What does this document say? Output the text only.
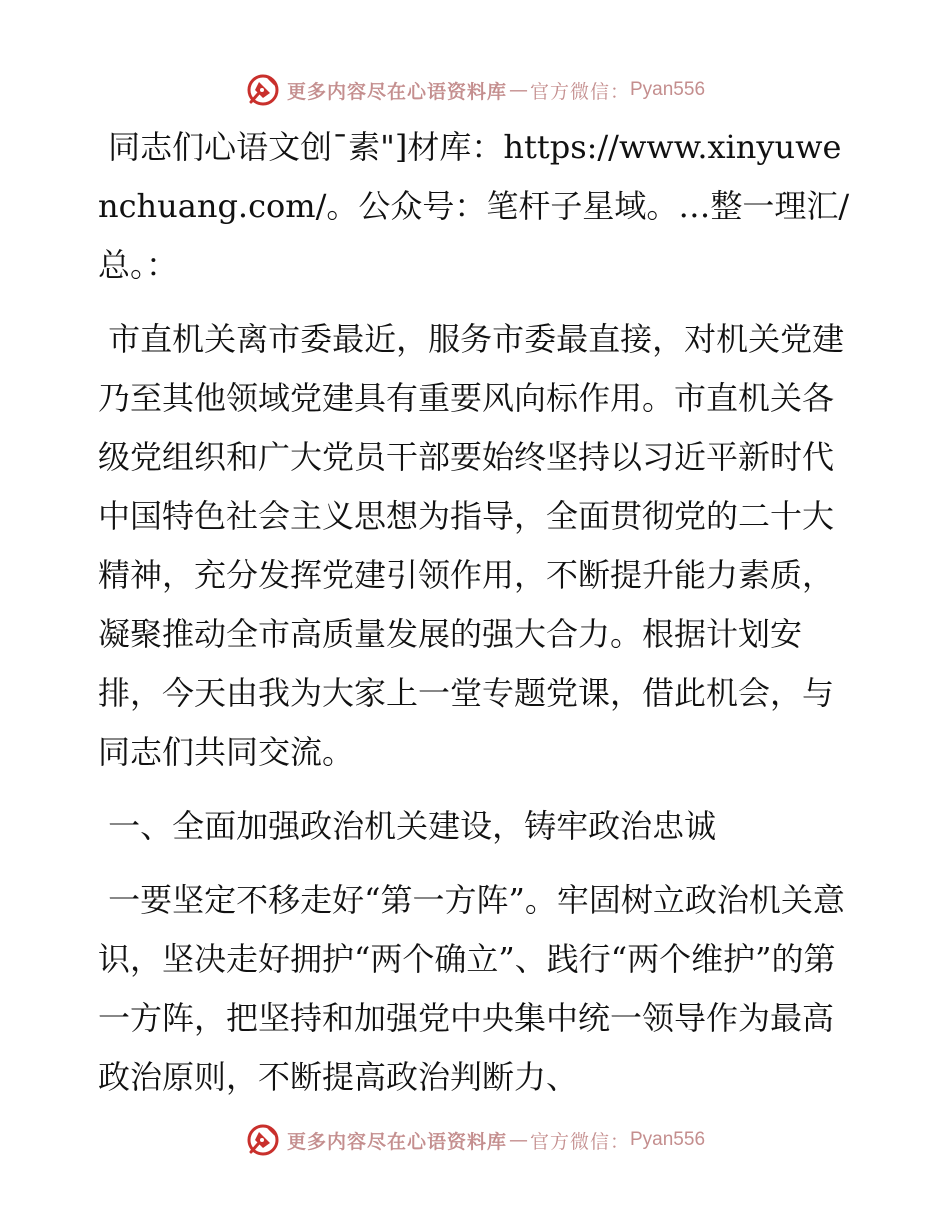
更多内容尽在心语资料库 — 官方微信： Pyan556

同志们心语文创¯素"]材库：https://www.xinyuwenchuang.com/。公众号：笔杆子星域。…整一理汇/总。：

市直机关离市委最近，服务市委最直接，对机关党建乃至其他领域党建具有重要风向标作用。市直机关各级党组织和广大党员干部要始终坚持以习近平新时代中国特色社会主义思想为指导，全面贯彻党的二十大精神，充分发挥党建引领作用，不断提升能力素质，凝聚推动全市高质量发展的强大合力。根据计划安排，今天由我为大家上一堂专题党课，借此机会，与同志们共同交流。

一、全面加强政治机关建设，铸牢政治忠诚

一要坚定不移走好“第一方阵”。牢固树立政治机关意识，坚决走好拥护“两个确立”、践行“两个维护”的第一方阵，把坚持和加强党中央集中统一领导作为最高政治原则，不断提高政治判断力、

更多内容尽在心语资料库 — 官方微信： Pyan556
